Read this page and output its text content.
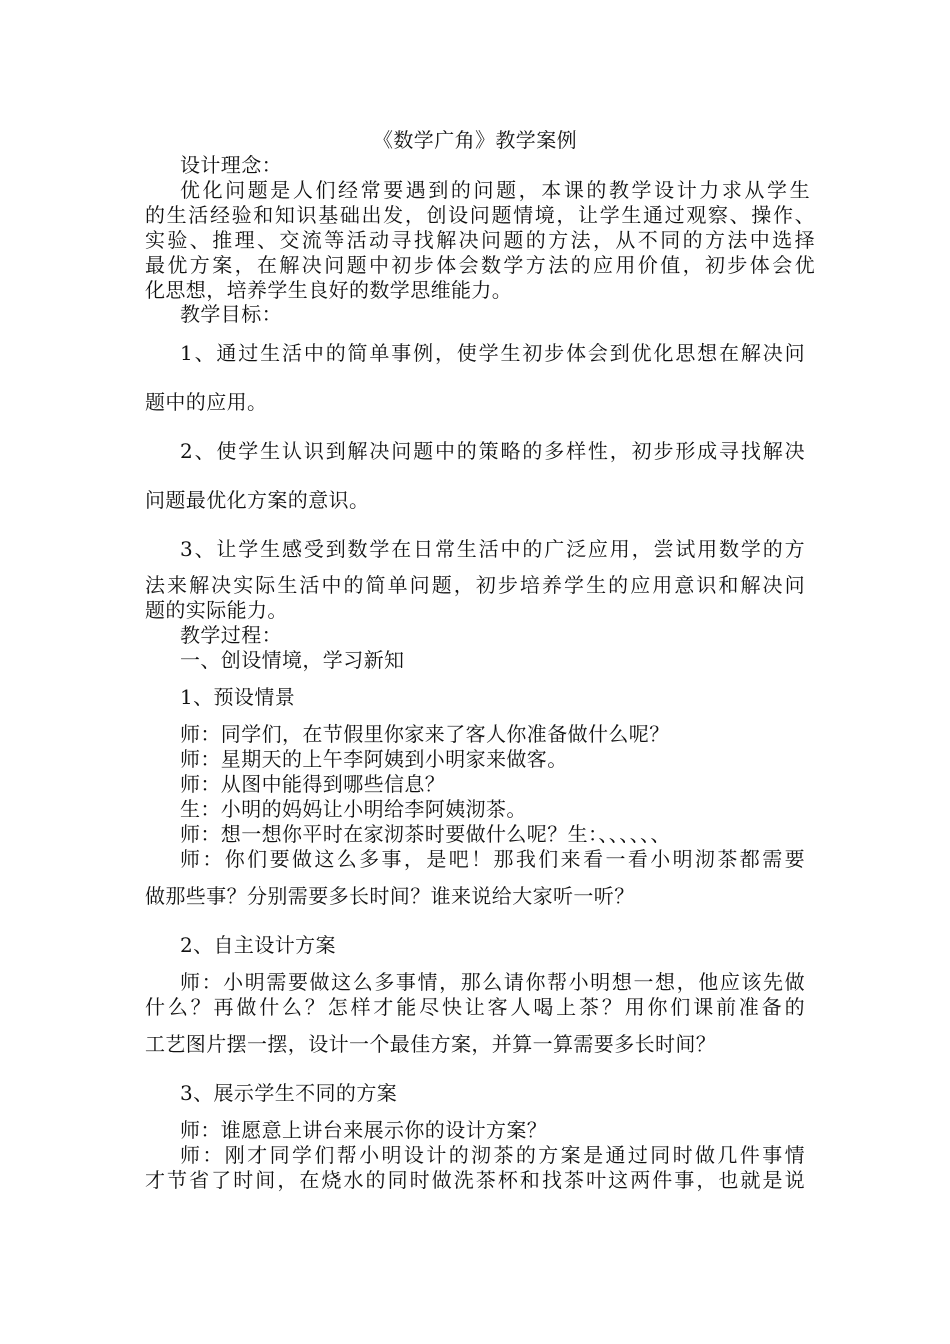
《数学广角》教学案例
设计理念：
优化问题是人们经常要遇到的问题，本课的教学设计力求从学生
的生活经验和知识基础出发，创设问题情境，让学生通过观察、操作、
实验、推理、交流等活动寻找解决问题的方法，从不同的方法中选择
最优方案，在解决问题中初步体会数学方法的应用价值，初步体会优
化思想，培养学生良好的数学思维能力。
教学目标：
1、通过生活中的简单事例，使学生初步体会到优化思想在解决问
题中的应用。
2、使学生认识到解决问题中的策略的多样性，初步形成寻找解决
问题最优化方案的意识。
3、让学生感受到数学在日常生活中的广泛应用，尝试用数学的方
法来解决实际生活中的简单问题，初步培养学生的应用意识和解决问
题的实际能力。
教学过程：
一、创设情境，学习新知
1、预设情景
师：同学们，在节假里你家来了客人你准备做什么呢？
师：星期天的上午李阿姨到小明家来做客。
师：从图中能得到哪些信息？
生：小明的妈妈让小明给李阿姨沏茶。
师：想一想你平时在家沏茶时要做什么呢？生：、、、、、、
师：你们要做这么多事，是吧！那我们来看一看小明沏茶都需要
做那些事？分别需要多长时间？谁来说给大家听一听？
2、自主设计方案
师：小明需要做这么多事情，那么请你帮小明想一想，他应该先做
什么？再做什么？怎样才能尽快让客人喝上茶？用你们课前准备的
工艺图片摆一摆，设计一个最佳方案，并算一算需要多长时间？
3、展示学生不同的方案
师：谁愿意上讲台来展示你的设计方案？
师：刚才同学们帮小明设计的沏茶的方案是通过同时做几件事情
才节省了时间，在烧水的同时做洗茶杯和找茶叶这两件事，也就是说
